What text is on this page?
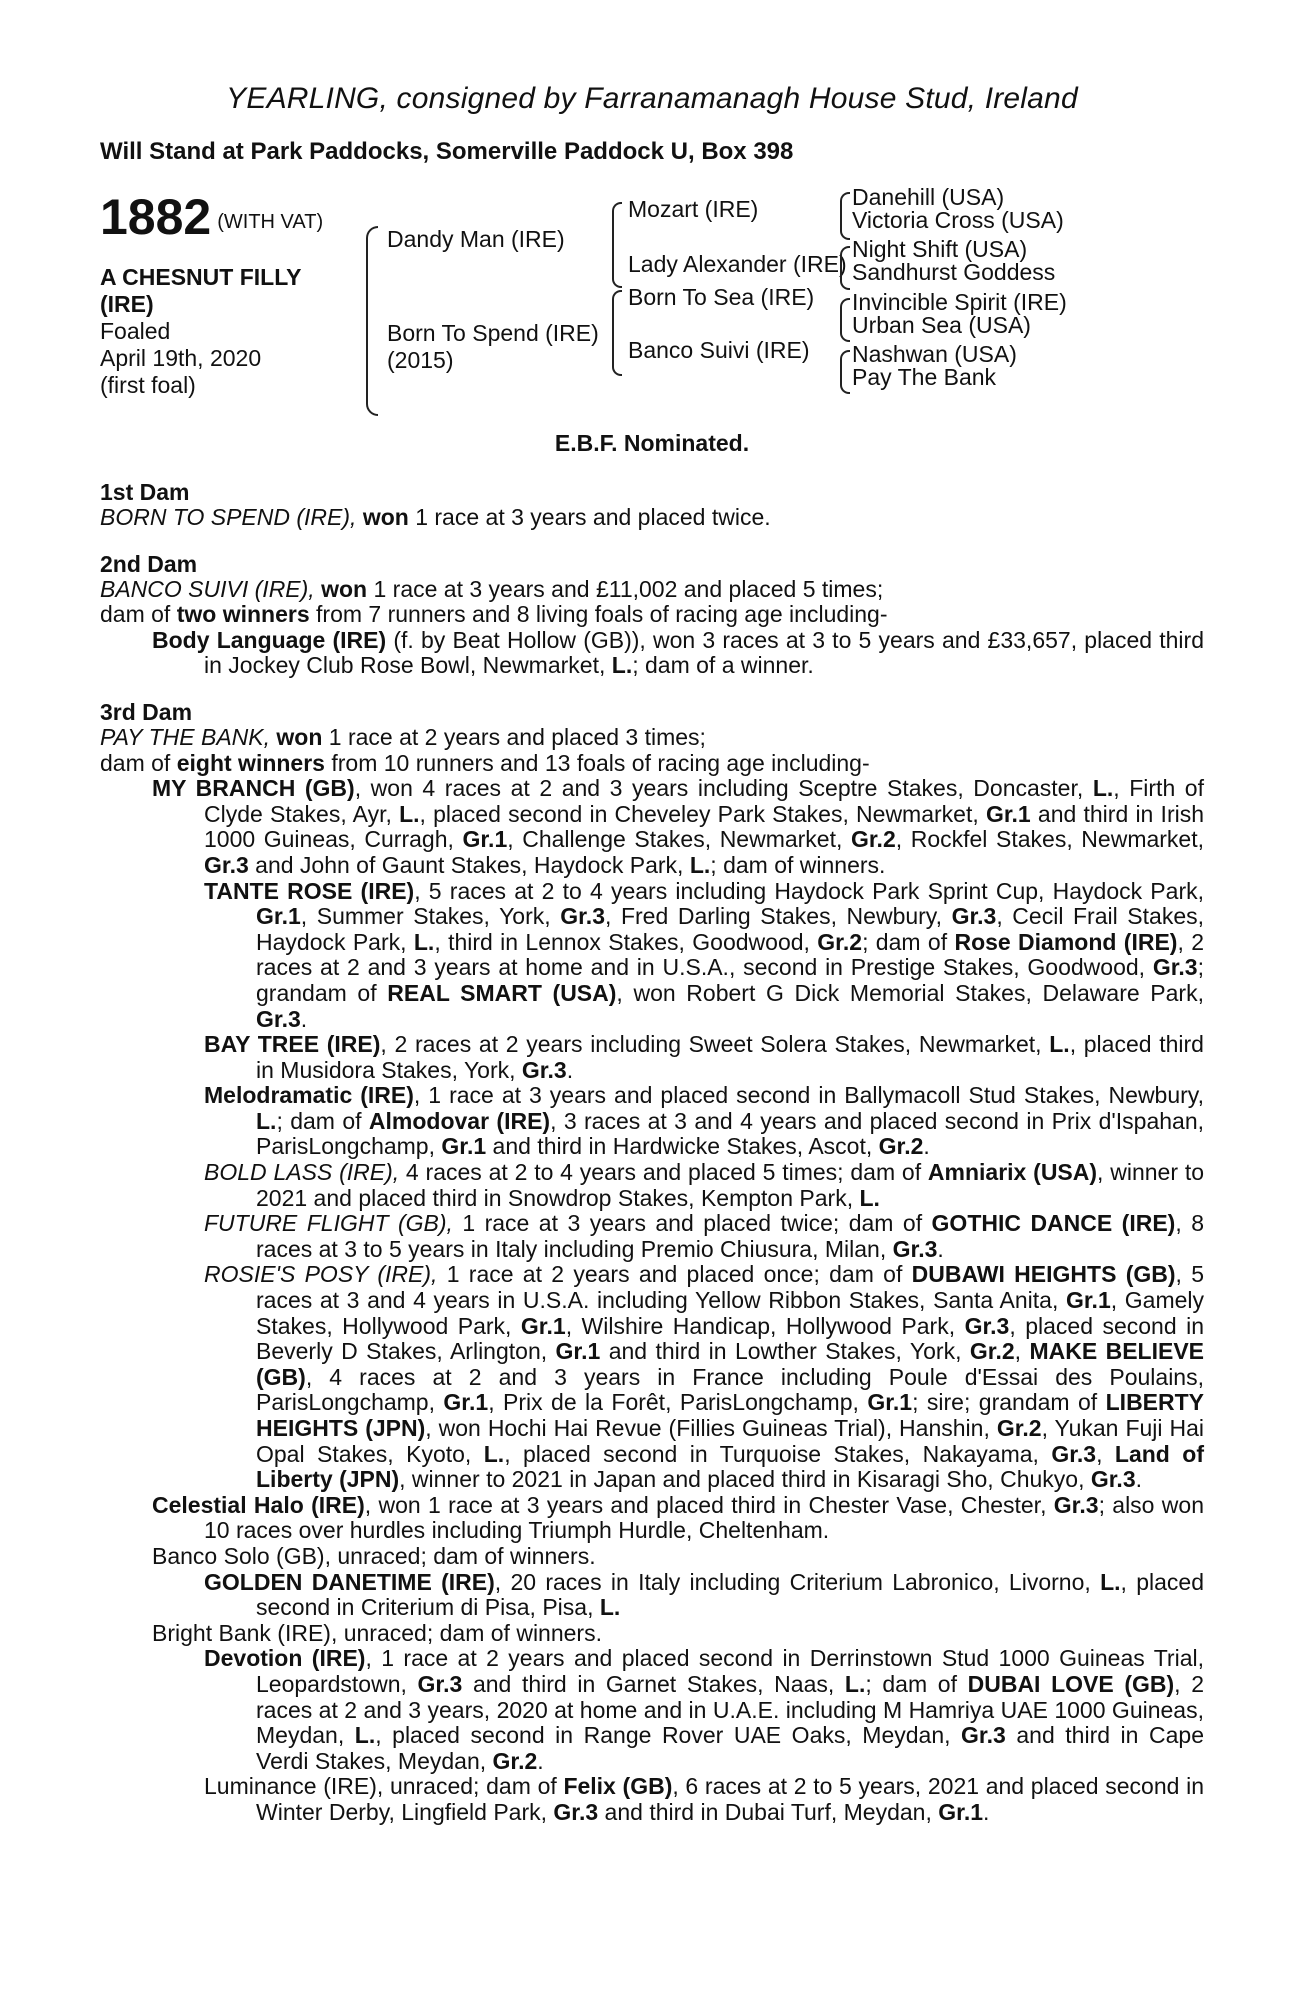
YEARLING, consigned by Farranamanagh House Stud, Ireland
Will Stand at Park Paddocks, Somerville Paddock U, Box 398
1882 (WITH VAT)
A CHESNUT FILLY
(IRE)
Foaled
April 19th, 2020
(first foal)
Dandy Man (IRE)
Born To Spend (IRE)
(2015)
Mozart (IRE)
Lady Alexander (IRE)
Born To Sea (IRE)
Banco Suivi (IRE)
Danehill (USA)
Victoria Cross (USA)
Night Shift (USA)
Sandhurst Goddess
Invincible Spirit (IRE)
Urban Sea (USA)
Nashwan (USA)
Pay The Bank
E.B.F. Nominated.
1st Dam
BORN TO SPEND (IRE), won 1 race at 3 years and placed twice.
2nd Dam
BANCO SUIVI (IRE), won 1 race at 3 years and £11,002 and placed 5 times;
dam of two winners from 7 runners and 8 living foals of racing age including-
Body Language (IRE) (f. by Beat Hollow (GB)), won 3 races at 3 to 5 years and £33,657, placed third in Jockey Club Rose Bowl, Newmarket, L.; dam of a winner.
3rd Dam
PAY THE BANK, won 1 race at 2 years and placed 3 times;
dam of eight winners from 10 runners and 13 foals of racing age including-
MY BRANCH (GB), won 4 races at 2 and 3 years including Sceptre Stakes, Doncaster, L., Firth of Clyde Stakes, Ayr, L., placed second in Cheveley Park Stakes, Newmarket, Gr.1 and third in Irish 1000 Guineas, Curragh, Gr.1, Challenge Stakes, Newmarket, Gr.2, Rockfel Stakes, Newmarket, Gr.3 and John of Gaunt Stakes, Haydock Park, L.; dam of winners.
TANTE ROSE (IRE), 5 races at 2 to 4 years including Haydock Park Sprint Cup, Haydock Park, Gr.1, Summer Stakes, York, Gr.3, Fred Darling Stakes, Newbury, Gr.3, Cecil Frail Stakes, Haydock Park, L., third in Lennox Stakes, Goodwood, Gr.2; dam of Rose Diamond (IRE), 2 races at 2 and 3 years at home and in U.S.A., second in Prestige Stakes, Goodwood, Gr.3; grandam of REAL SMART (USA), won Robert G Dick Memorial Stakes, Delaware Park, Gr.3.
BAY TREE (IRE), 2 races at 2 years including Sweet Solera Stakes, Newmarket, L., placed third in Musidora Stakes, York, Gr.3.
Melodramatic (IRE), 1 race at 3 years and placed second in Ballymacoll Stud Stakes, Newbury, L.; dam of Almodovar (IRE), 3 races at 3 and 4 years and placed second in Prix d'Ispahan, ParisLongchamp, Gr.1 and third in Hardwicke Stakes, Ascot, Gr.2.
BOLD LASS (IRE), 4 races at 2 to 4 years and placed 5 times; dam of Amniarix (USA), winner to 2021 and placed third in Snowdrop Stakes, Kempton Park, L.
FUTURE FLIGHT (GB), 1 race at 3 years and placed twice; dam of GOTHIC DANCE (IRE), 8 races at 3 to 5 years in Italy including Premio Chiusura, Milan, Gr.3.
ROSIE'S POSY (IRE), 1 race at 2 years and placed once; dam of DUBAWI HEIGHTS (GB), 5 races at 3 and 4 years in U.S.A. including Yellow Ribbon Stakes, Santa Anita, Gr.1, Gamely Stakes, Hollywood Park, Gr.1, Wilshire Handicap, Hollywood Park, Gr.3, placed second in Beverly D Stakes, Arlington, Gr.1 and third in Lowther Stakes, York, Gr.2, MAKE BELIEVE (GB), 4 races at 2 and 3 years in France including Poule d'Essai des Poulains, ParisLongchamp, Gr.1, Prix de la Forêt, ParisLongchamp, Gr.1; sire; grandam of LIBERTY HEIGHTS (JPN), won Hochi Hai Revue (Fillies Guineas Trial), Hanshin, Gr.2, Yukan Fuji Hai Opal Stakes, Kyoto, L., placed second in Turquoise Stakes, Nakayama, Gr.3, Land of Liberty (JPN), winner to 2021 in Japan and placed third in Kisaragi Sho, Chukyo, Gr.3.
Celestial Halo (IRE), won 1 race at 3 years and placed third in Chester Vase, Chester, Gr.3; also won 10 races over hurdles including Triumph Hurdle, Cheltenham.
Banco Solo (GB), unraced; dam of winners.
GOLDEN DANETIME (IRE), 20 races in Italy including Criterium Labronico, Livorno, L., placed second in Criterium di Pisa, Pisa, L.
Bright Bank (IRE), unraced; dam of winners.
Devotion (IRE), 1 race at 2 years and placed second in Derrinstown Stud 1000 Guineas Trial, Leopardstown, Gr.3 and third in Garnet Stakes, Naas, L.; dam of DUBAI LOVE (GB), 2 races at 2 and 3 years, 2020 at home and in U.A.E. including M Hamriya UAE 1000 Guineas, Meydan, L., placed second in Range Rover UAE Oaks, Meydan, Gr.3 and third in Cape Verdi Stakes, Meydan, Gr.2.
Luminance (IRE), unraced; dam of Felix (GB), 6 races at 2 to 5 years, 2021 and placed second in Winter Derby, Lingfield Park, Gr.3 and third in Dubai Turf, Meydan, Gr.1.
